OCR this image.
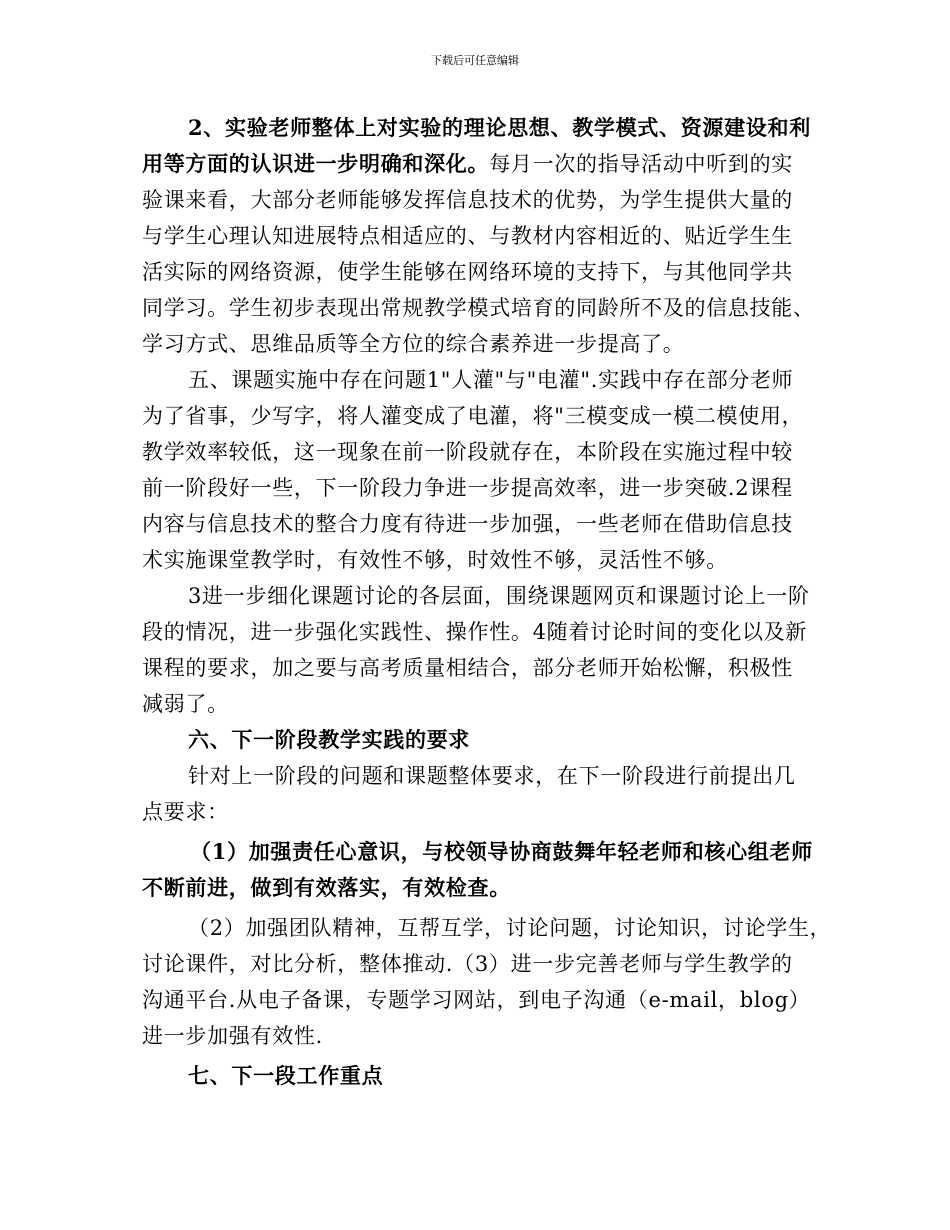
下载后可任意编辑
2、实验老师整体上对实验的理论思想、教学模式、资源建设和利
用等方面的认识进一步明确和深化。每月一次的指导活动中听到的实
验课来看，大部分老师能够发挥信息技术的优势，为学生提供大量的
与学生心理认知进展特点相适应的、与教材内容相近的、贴近学生生
活实际的网络资源，使学生能够在网络环境的支持下，与其他同学共
同学习。学生初步表现出常规教学模式培育的同龄所不及的信息技能、
学习方式、思维品质等全方位的综合素养进一步提高了。
五、课题实施中存在问题1"人灌"与"电灌".实践中存在部分老师
为了省事，少写字，将人灌变成了电灌，将"三模变成一模二模使用，
教学效率较低，这一现象在前一阶段就存在，本阶段在实施过程中较
前一阶段好一些，下一阶段力争进一步提高效率，进一步突破.2课程
内容与信息技术的整合力度有待进一步加强，一些老师在借助信息技
术实施课堂教学时，有效性不够，时效性不够，灵活性不够。
3进一步细化课题讨论的各层面，围绕课题网页和课题讨论上一阶
段的情况，进一步强化实践性、操作性。4随着讨论时间的变化以及新
课程的要求，加之要与高考质量相结合，部分老师开始松懈，积极性
减弱了。
六、下一阶段教学实践的要求
针对上一阶段的问题和课题整体要求，在下一阶段进行前提出几
点要求：
（1）加强责任心意识，与校领导协商鼓舞年轻老师和核心组老师
不断前进，做到有效落实，有效检查。
（2）加强团队精神，互帮互学，讨论问题，讨论知识，讨论学生，
讨论课件，对比分析，整体推动.（3）进一步完善老师与学生教学的
沟通平台.从电子备课，专题学习网站，到电子沟通（e-mail，blog）
进一步加强有效性.
七、下一段工作重点
